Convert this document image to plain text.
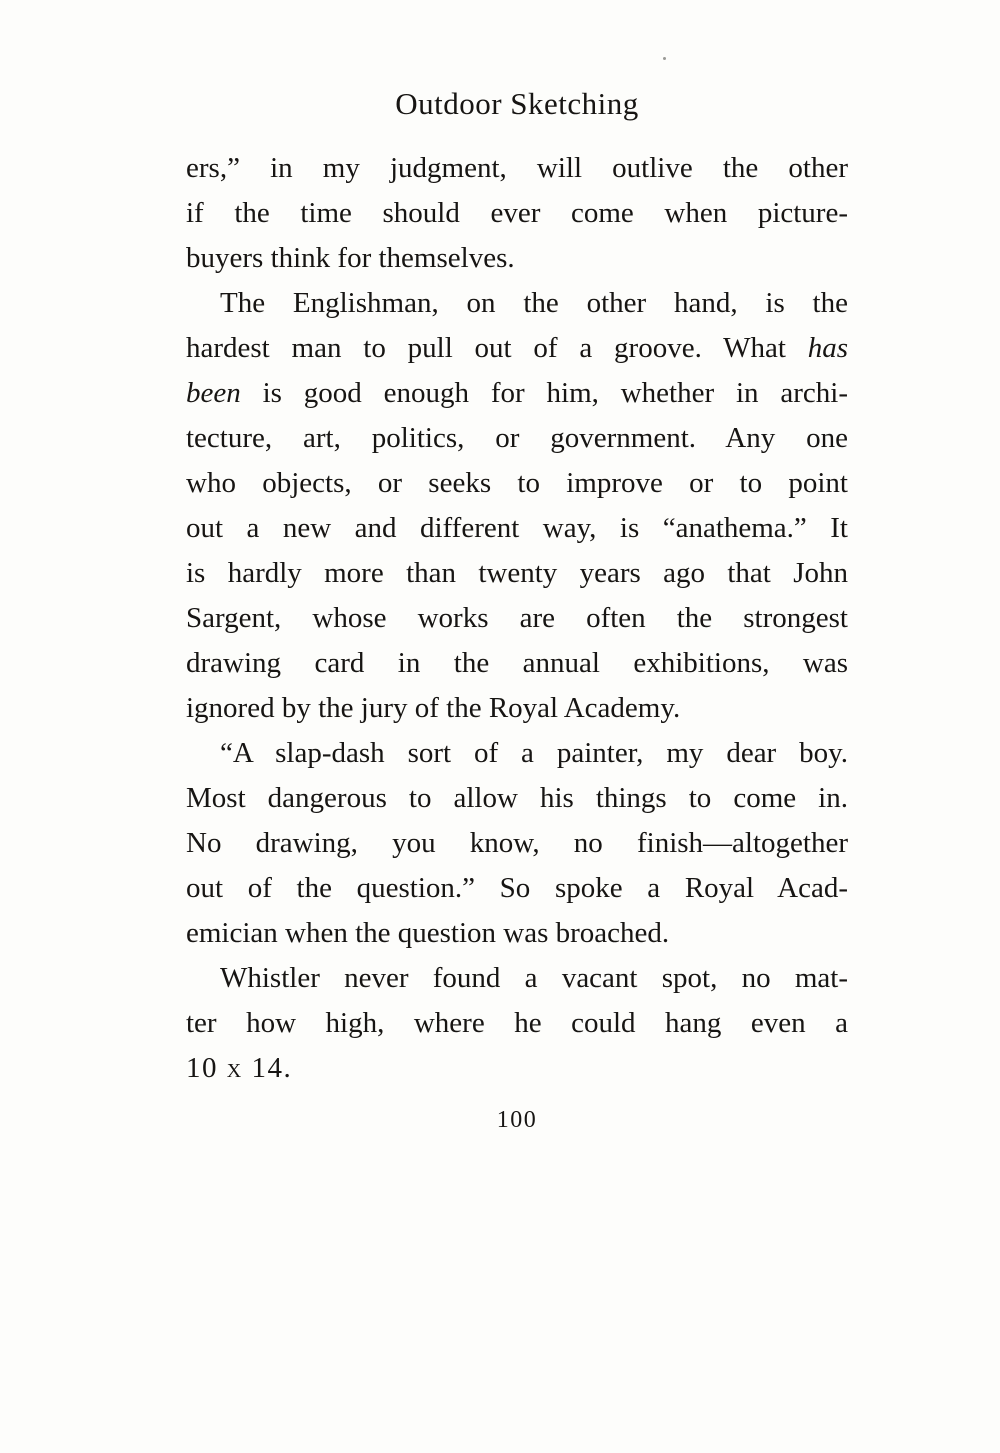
Outdoor Sketching
ers,” in my judgment, will outlive the other
if the time should ever come when picture-
buyers think for themselves.
The Englishman, on the other hand, is the
hardest man to pull out of a groove. What has
been is good enough for him, whether in archi-
tecture, art, politics, or government. Any one
who objects, or seeks to improve or to point
out a new and different way, is “anathema.” It
is hardly more than twenty years ago that John
Sargent, whose works are often the strongest
drawing card in the annual exhibitions, was
ignored by the jury of the Royal Academy.
“A slap-dash sort of a painter, my dear boy.
Most dangerous to allow his things to come in.
No drawing, you know, no finish—altogether
out of the question.” So spoke a Royal Acad-
emician when the question was broached.
Whistler never found a vacant spot, no mat-
ter how high, where he could hang even a
10 x 14.
100
